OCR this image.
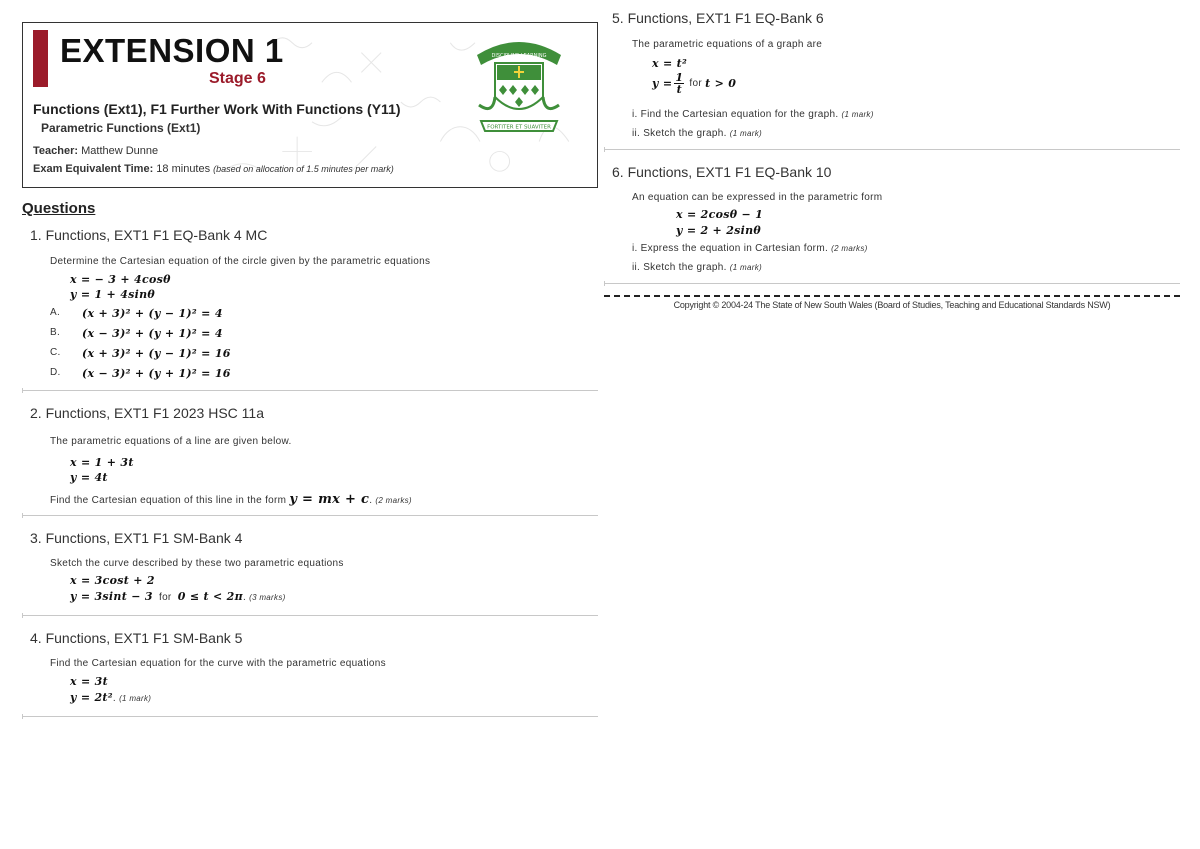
EXTENSION 1
Stage 6
Functions (Ext1), F1 Further Work With Functions (Y11)
Parametric Functions (Ext1)
Teacher: Matthew Dunne
Exam Equivalent Time: 18 minutes (based on allocation of 1.5 minutes per mark)
DISCIPLINE LEARNING
FORTITER ET SUAVITER
Questions
1. Functions, EXT1 F1 EQ-Bank 4 MC
Determine the Cartesian equation of the circle given by the parametric equations
x = − 3 + 4cosθ
y = 1 + 4sinθ
A.	(x + 3)² + (y − 1)² = 4
B.	(x − 3)² + (y + 1)² = 4
C.	(x + 3)² + (y − 1)² = 16
D.	(x − 3)² + (y + 1)² = 16
2. Functions, EXT1 F1 2023 HSC 11a
The parametric equations of a line are given below.
x = 1 + 3t
y = 4t
Find the Cartesian equation of this line in the form y = mx + c. (2 marks)
3. Functions, EXT1 F1 SM-Bank 4
Sketch the curve described by these two parametric equations
x = 3cost + 2
y = 3sint − 3 for 0 ≤ t < 2π. (3 marks)
4. Functions, EXT1 F1 SM-Bank 5
Find the Cartesian equation for the curve with the parametric equations
x = 3t
y = 2t². (1 mark)
5. Functions, EXT1 F1 EQ-Bank 6
The parametric equations of a graph are
x = t²
$y = \frac{1}{t}$
for
t > 0
i. Find the Cartesian equation for the graph. (1 mark)
ii. Sketch the graph. (1 mark)
6. Functions, EXT1 F1 EQ-Bank 10
An equation can be expressed in the parametric form
x = 2cosθ − 1
y = 2 + 2sinθ
i. Express the equation in Cartesian form. (2 marks)
ii. Sketch the graph. (1 mark)
Copyright © 2004-24 The State of New South Wales (Board of Studies, Teaching and Educational Standards NSW)
